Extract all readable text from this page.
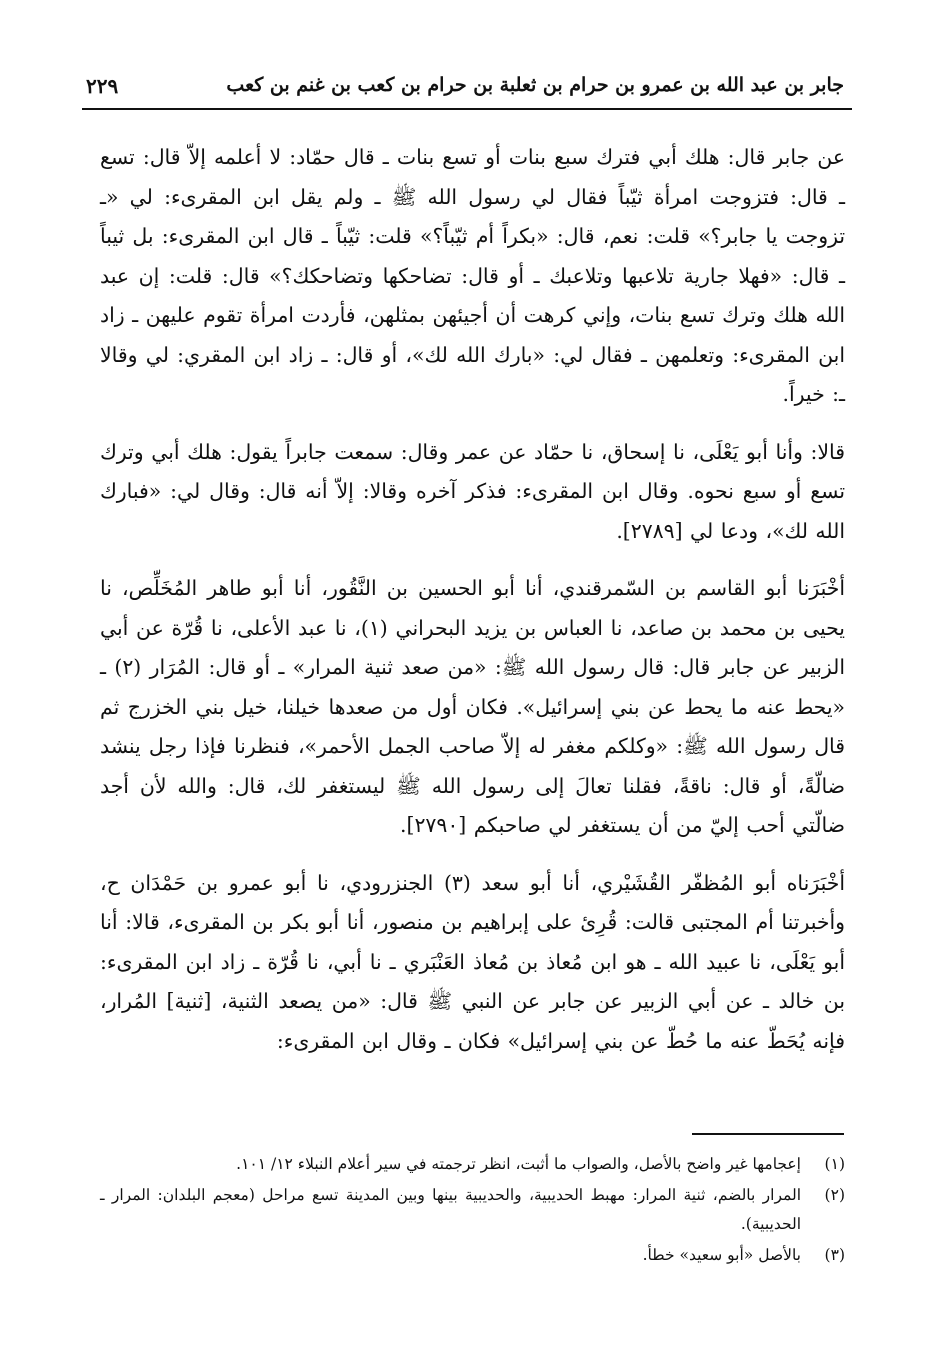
جابر بن عبد الله بن عمرو بن حرام بن ثعلبة بن حرام بن كعب بن غنم بن كعب
٢٢٩

عن جابر قال: هلك أبي فترك سبع بنات أو تسع بنات ـ قال حمّاد: لا أعلمه إلاّ قال: تسع ـ قال: فتزوجت امرأة ثيّباً فقال لي رسول الله ﷺ ـ ولم يقل ابن المقرىء: لي «ـ تزوجت يا جابر؟» قلت: نعم، قال: «بكراً أم ثيّباً؟» قلت: ثيّباً ـ قال ابن المقرىء: بل ثيباً ـ قال: «فهلا جارية تلاعبها وتلاعبك ـ أو قال: تضاحكها وتضاحكك؟» قال: قلت: إن عبد الله هلك وترك تسع بنات، وإني كرهت أن أجيئهن بمثلهن، فأردت امرأة تقوم عليهن ـ زاد ابن المقرىء: وتعلمهن ـ فقال لي: «بارك الله لك»، أو قال: ـ زاد ابن المقري: لي وقالا ـ: خيراً.

قالا: وأنا أبو يَعْلَى، نا إسحاق، نا حمّاد عن عمر وقال: سمعت جابراً يقول: هلك أبي وترك تسع أو سبع نحوه. وقال ابن المقرىء: فذكر آخره وقالا: إلاّ أنه قال: وقال لي: «فبارك الله لك»، ودعا لي [٢٧٨٩].

أخْبَرَنا أبو القاسم بن السّمرقندي، أنا أبو الحسين بن النَّقُور، أنا أبو طاهر المُخَلِّص، نا يحيى بن محمد بن صاعد، نا العباس بن يزيد البحراني (١)، نا عبد الأعلى، نا قُرّة عن أبي الزبير عن جابر قال: قال رسول الله ﷺ: «من صعد ثنية المرار» ـ أو قال: المُرَار (٢) ـ «يحط عنه ما يحط عن بني إسرائيل». فكان أول من صعدها خيلنا، خيل بني الخزرج ثم قال رسول الله ﷺ: «وكلكم مغفر له إلاّ صاحب الجمل الأحمر»، فنظرنا فإذا رجل ينشد ضالّةً، أو قال: ناقةً، فقلنا تعالَ إلى رسول الله ﷺ ليستغفر لك، قال: والله لأن أجد ضالّتي أحب إليّ من أن يستغفر لي صاحبكم [٢٧٩٠].

أخْبَرَناه أبو المُظفّر القُشَيْري، أنا أبو سعد (٣) الجنزرودي، نا أبو عمرو بن حَمْدَان ح، وأخبرتنا أم المجتبى قالت: قُرِئ على إبراهيم بن منصور، أنا أبو بكر بن المقرىء، قالا: أنا أبو يَعْلَى، نا عبيد الله ـ هو ابن مُعاذ بن مُعاذ العَنْبَري ـ نا أبي، نا قُرّة ـ زاد ابن المقرىء: بن خالد ـ عن أبي الزبير عن جابر عن النبي ﷺ قال: «من يصعد الثنية، [ثنية] المُرار، فإنه يُحَطّ عنه ما حُطّ عن بني إسرائيل» فكان ـ وقال ابن المقرىء:

(١)
إعجامها غير واضح بالأصل، والصواب ما أثبت، انظر ترجمته في سير أعلام النبلاء ١٢/ ١٠١.
(٢)
المرار بالضم، ثنية المرار: مهبط الحديبية، والحديبية بينها وبين المدينة تسع مراحل (معجم البلدان: المرار ـ الحديبية).
(٣)
بالأصل «أبو سعيد» خطأ.
